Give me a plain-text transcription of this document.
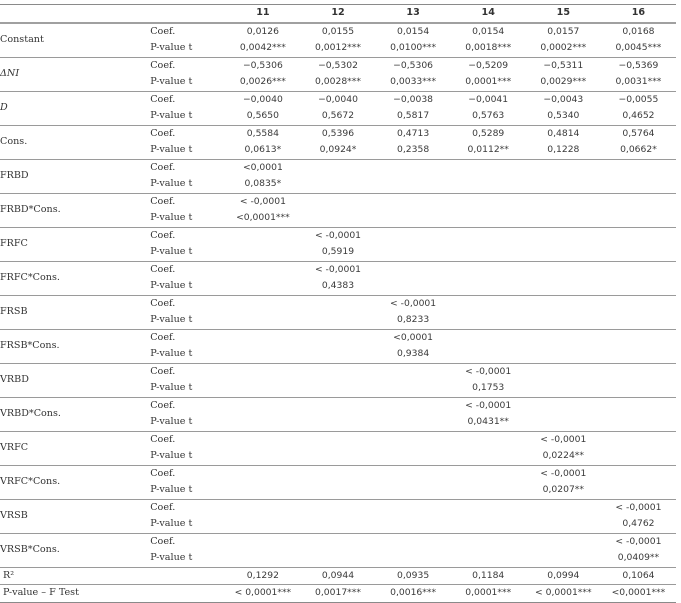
		11	12	13	14	15	16
Constant	Coef.	0,0126	0,0155	0,0154	0,0154	0,0157	0,0168
	P-value t	0,0042***	0,0012***	0,0100***	0,0018***	0,0002***	0,0045***
ΔNI	Coef.	−0,5306	−0,5302	−0,5306	−0,5209	−0,5311	−0,5369
	P-value t	0,0026***	0,0028***	0,0033***	0,0001***	0,0029***	0,0031***
D	Coef.	−0,0040	−0,0040	−0,0038	−0,0041	−0,0043	−0,0055
	P-value t	0,5650	0,5672	0,5817	0,5763	0,5340	0,4652
Cons.	Coef.	0,5584	0,5396	0,4713	0,5289	0,4814	0,5764
	P-value t	0,0613*	0,0924*	0,2358	0,0112**	0,1228	0,0662*
FRBD	Coef.	<0,0001					
	P-value t	0,0835*					
FRBD*Cons.	Coef.	< -0,0001					
	P-value t	<0,0001***					
FRFC	Coef.		< -0,0001				
	P-value t		0,5919				
FRFC*Cons.	Coef.		< -0,0001				
	P-value t		0,4383				
FRSB	Coef.			< -0,0001			
	P-value t			0,8233			
FRSB*Cons.	Coef.			<0,0001			
	P-value t			0,9384			
VRBD	Coef.				< -0,0001		
	P-value t				0,1753		
VRBD*Cons.	Coef.				< -0,0001		
	P-value t				0,0431**		
VRFC	Coef.					< -0,0001	
	P-value t					0,0224**	
VRFC*Cons.	Coef.					< -0,0001	
	P-value t					0,0207**	
VRSB	Coef.						< -0,0001
	P-value t						0,4762
VRSB*Cons.	Coef.						< -0,0001
	P-value t						0,0409**
R²		0,1292	0,0944	0,0935	0,1184	0,0994	0,1064
P-value – F Test		< 0,0001***	0,0017***	0,0016***	0,0001***	< 0,0001***	<0,0001***
